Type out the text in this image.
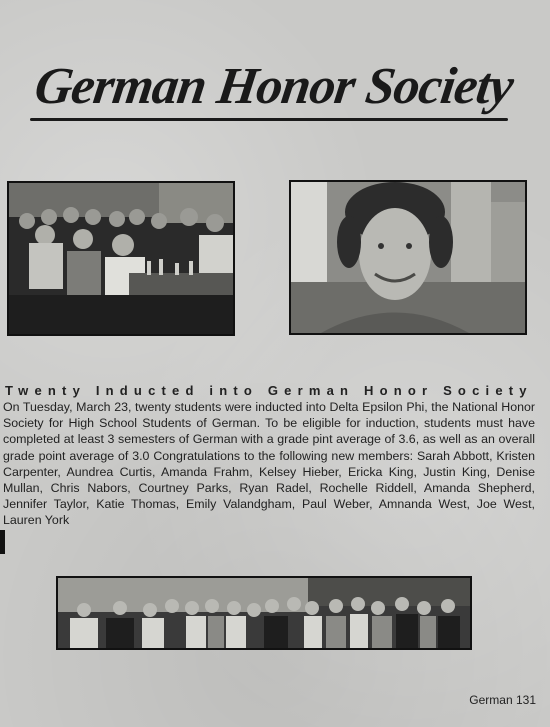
German Honor Society
Twenty Inducted into German Honor Society
On Tuesday, March 23, twenty students were inducted into Delta Epsilon Phi, the National Honor Society for High School Students of German. To be eligible for induction, students must have completed at least 3 semesters of German with a grade pint average of 3.6, as well as an overall grade point average of 3.0 Congratulations to the following new members: Sarah Abbott, Kristen Carpenter, Aundrea Curtis, Amanda Frahm, Kelsey Hieber, Ericka King, Justin King, Denise Mullan, Chris Nabors, Courtney Parks, Ryan Radel, Rochelle Riddell, Amanda Shepherd, Jennifer Taylor, Katie Thomas, Emily Valandgham, Paul Weber, Amnanda West, Joe West, Lauren York
German 131
